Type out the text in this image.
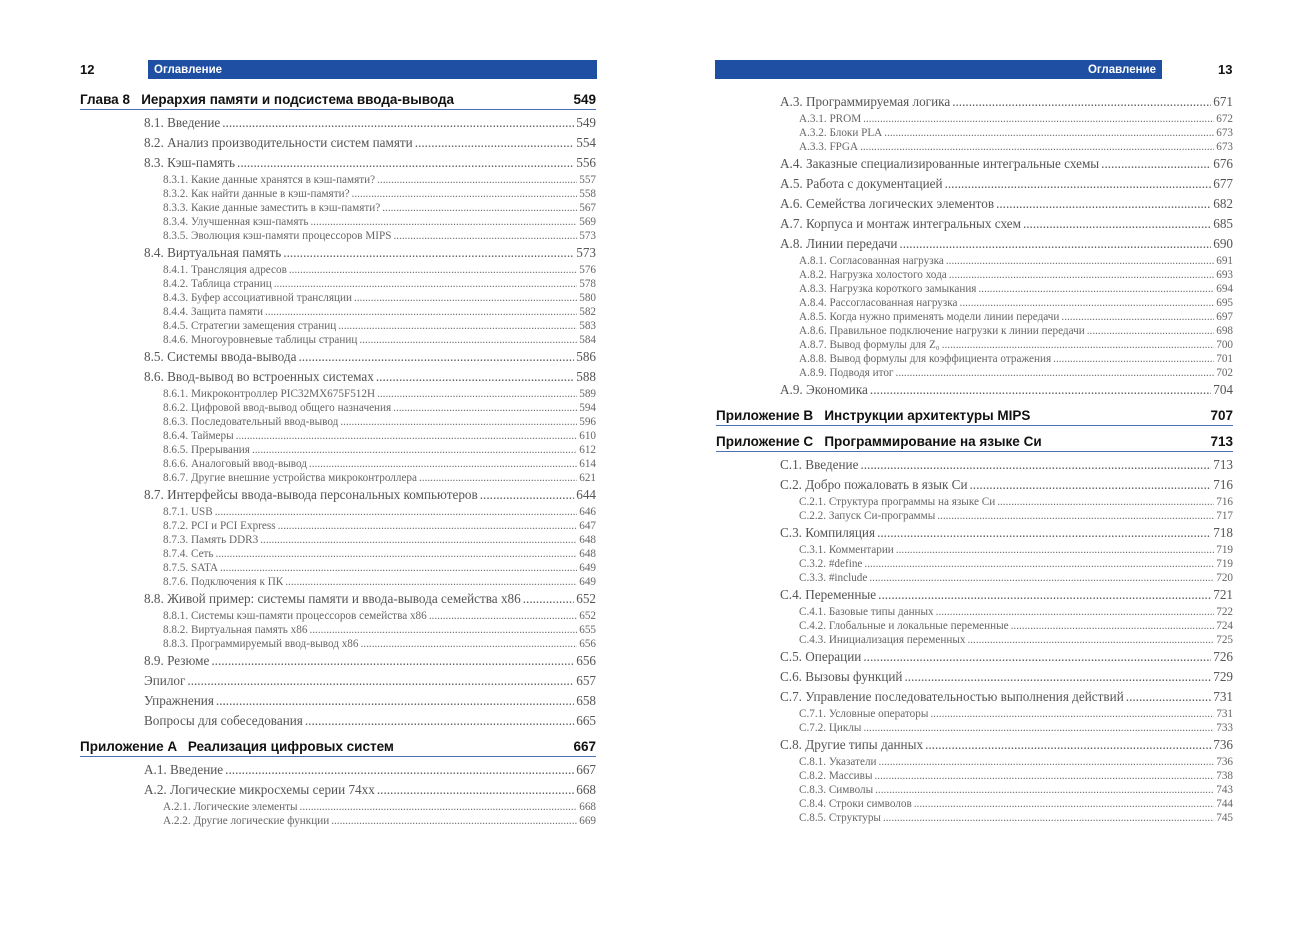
12	Оглавление
Глава 8 Иерархия памяти и подсистема ввода-вывода	549
8.1. Введение .....	549
8.2. Анализ производительности систем памяти .....	554
8.3. Кэш-память .....	556
8.3.1. Какие данные хранятся в кэш-памяти? .....	557
8.3.2. Как найти данные в кэш-памяти? .....	558
8.3.3. Какие данные заместить в кэш-памяти? .....	567
8.3.4. Улучшенная кэш-память .....	569
8.3.5. Эволюция кэш-памяти процессоров MIPS .....	573
8.4. Виртуальная память .....	573
8.4.1. Трансляция адресов .....	576
8.4.2. Таблица страниц .....	578
8.4.3. Буфер ассоциативной трансляции .....	580
8.4.4. Защита памяти .....	582
8.4.5. Стратегии замещения страниц .....	583
8.4.6. Многоуровневые таблицы страниц .....	584
8.5. Системы ввода-вывода .....	586
8.6. Ввод-вывод во встроенных системах .....	588
8.6.1. Микроконтроллер PIC32MX675F512H .....	589
8.6.2. Цифровой ввод-вывод общего назначения .....	594
8.6.3. Последовательный ввод-вывод .....	596
8.6.4. Таймеры .....	610
8.6.5. Прерывания .....	612
8.6.6. Аналоговый ввод-вывод .....	614
8.6.7. Другие внешние устройства микроконтроллера .....	621
8.7. Интерфейсы ввода-вывода персональных компьютеров .....	644
8.7.1. USB .....	646
8.7.2. PCI и PCI Express .....	647
8.7.3. Память DDR3 .....	648
8.7.4. Сеть .....	648
8.7.5. SATA .....	649
8.7.6. Подключения к ПК .....	649
8.8. Живой пример: системы памяти и ввода-вывода семейства x86 .....	652
8.8.1. Системы кэш-памяти процессоров семейства x86 .....	652
8.8.2. Виртуальная память x86 .....	655
8.8.3. Программируемый ввод-вывод x86 .....	656
8.9. Резюме .....	656
Эпилог .....	657
Упражнения .....	658
Вопросы для собеседования .....	665
Приложение A Реализация цифровых систем	667
A.1. Введение .....	667
A.2. Логические микросхемы серии 74xx .....	668
A.2.1. Логические элементы .....	668
A.2.2. Другие логические функции .....	669
Оглавление	13
A.3. Программируемая логика .....	671
A.3.1. PROM .....	672
A.3.2. Блоки PLA .....	673
A.3.3. FPGA .....	673
A.4. Заказные специализированные интегральные схемы .....	676
A.5. Работа с документацией .....	677
A.6. Семейства логических элементов .....	682
A.7. Корпуса и монтаж интегральных схем .....	685
A.8. Линии передачи .....	690
A.8.1. Согласованная нагрузка .....	691
A.8.2. Нагрузка холостого хода .....	693
A.8.3. Нагрузка короткого замыкания .....	694
A.8.4. Рассогласованная нагрузка .....	695
A.8.5. Когда нужно применять модели линии передачи .....	697
A.8.6. Правильное подключение нагрузки к линии передачи .....	698
A.8.7. Вывод формулы для Z₀ .....	700
A.8.8. Вывод формулы для коэффициента отражения .....	701
A.8.9. Подводя итог .....	702
A.9. Экономика .....	704
Приложение B Инструкции архитектуры MIPS	707
Приложение C Программирование на языке Си	713
C.1. Введение .....	713
C.2. Добро пожаловать в язык Си .....	716
C.2.1. Структура программы на языке Си .....	716
C.2.2. Запуск Си-программы .....	717
C.3. Компиляция .....	718
C.3.1. Комментарии .....	719
C.3.2. #define .....	719
C.3.3. #include .....	720
C.4. Переменные .....	721
C.4.1. Базовые типы данных .....	722
C.4.2. Глобальные и локальные переменные .....	724
C.4.3. Инициализация переменных .....	725
C.5. Операции .....	726
C.6. Вызовы функций .....	729
C.7. Управление последовательностью выполнения действий .....	731
C.7.1. Условные операторы .....	731
C.7.2. Циклы .....	733
C.8. Другие типы данных .....	736
C.8.1. Указатели .....	736
C.8.2. Массивы .....	738
C.8.3. Символы .....	743
C.8.4. Строки символов .....	744
C.8.5. Структуры .....	745
